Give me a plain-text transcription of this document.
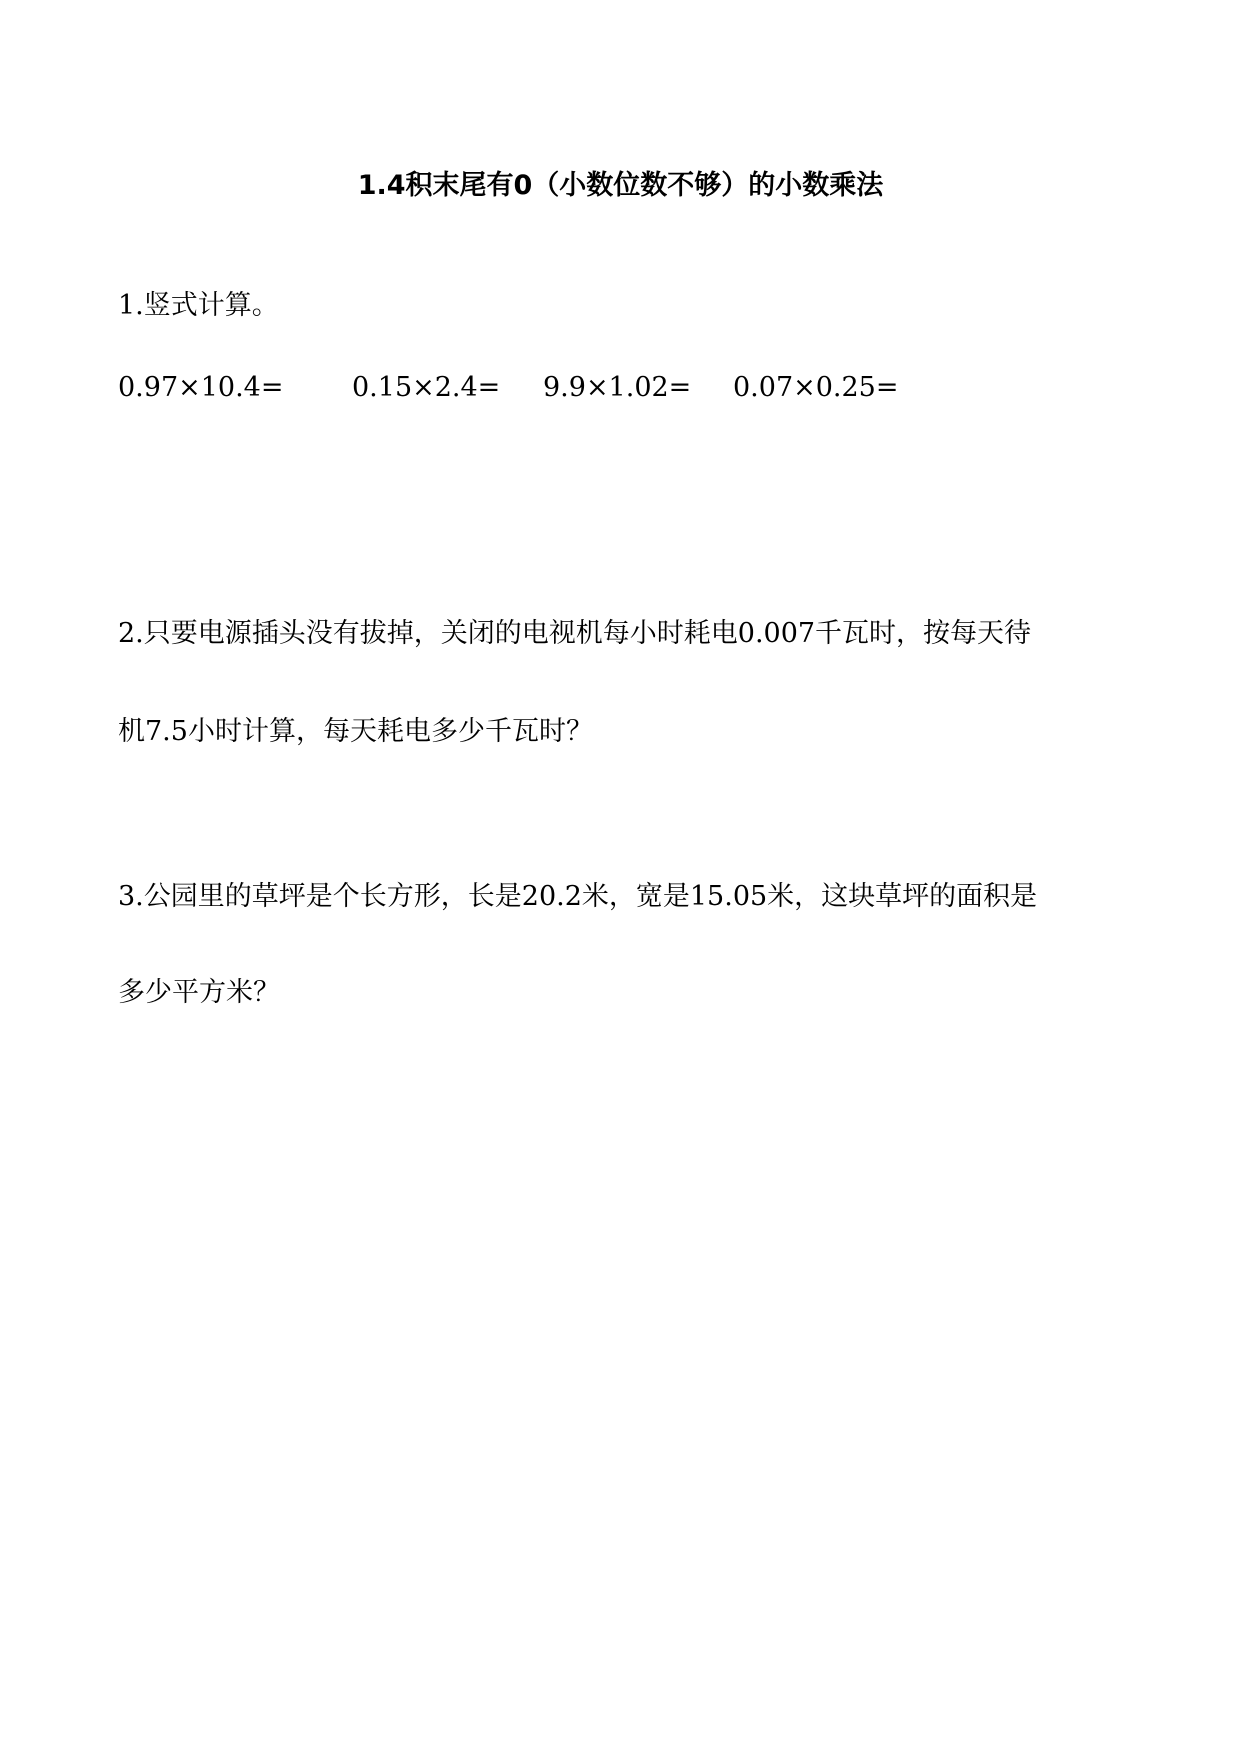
1.4积末尾有0（小数位数不够）的小数乘法
1.竖式计算。
0.97×10.4=	0.15×2.4= 9.9×1.02= 0.07×0.25=
2.只要电源插头没有拔掉，关闭的电视机每小时耗电0.007千瓦时，按每天待
机7.5小时计算，每天耗电多少千瓦时？
3.公园里的草坪是个长方形，长是20.2米，宽是15.05米，这块草坪的面积是
多少平方米？
